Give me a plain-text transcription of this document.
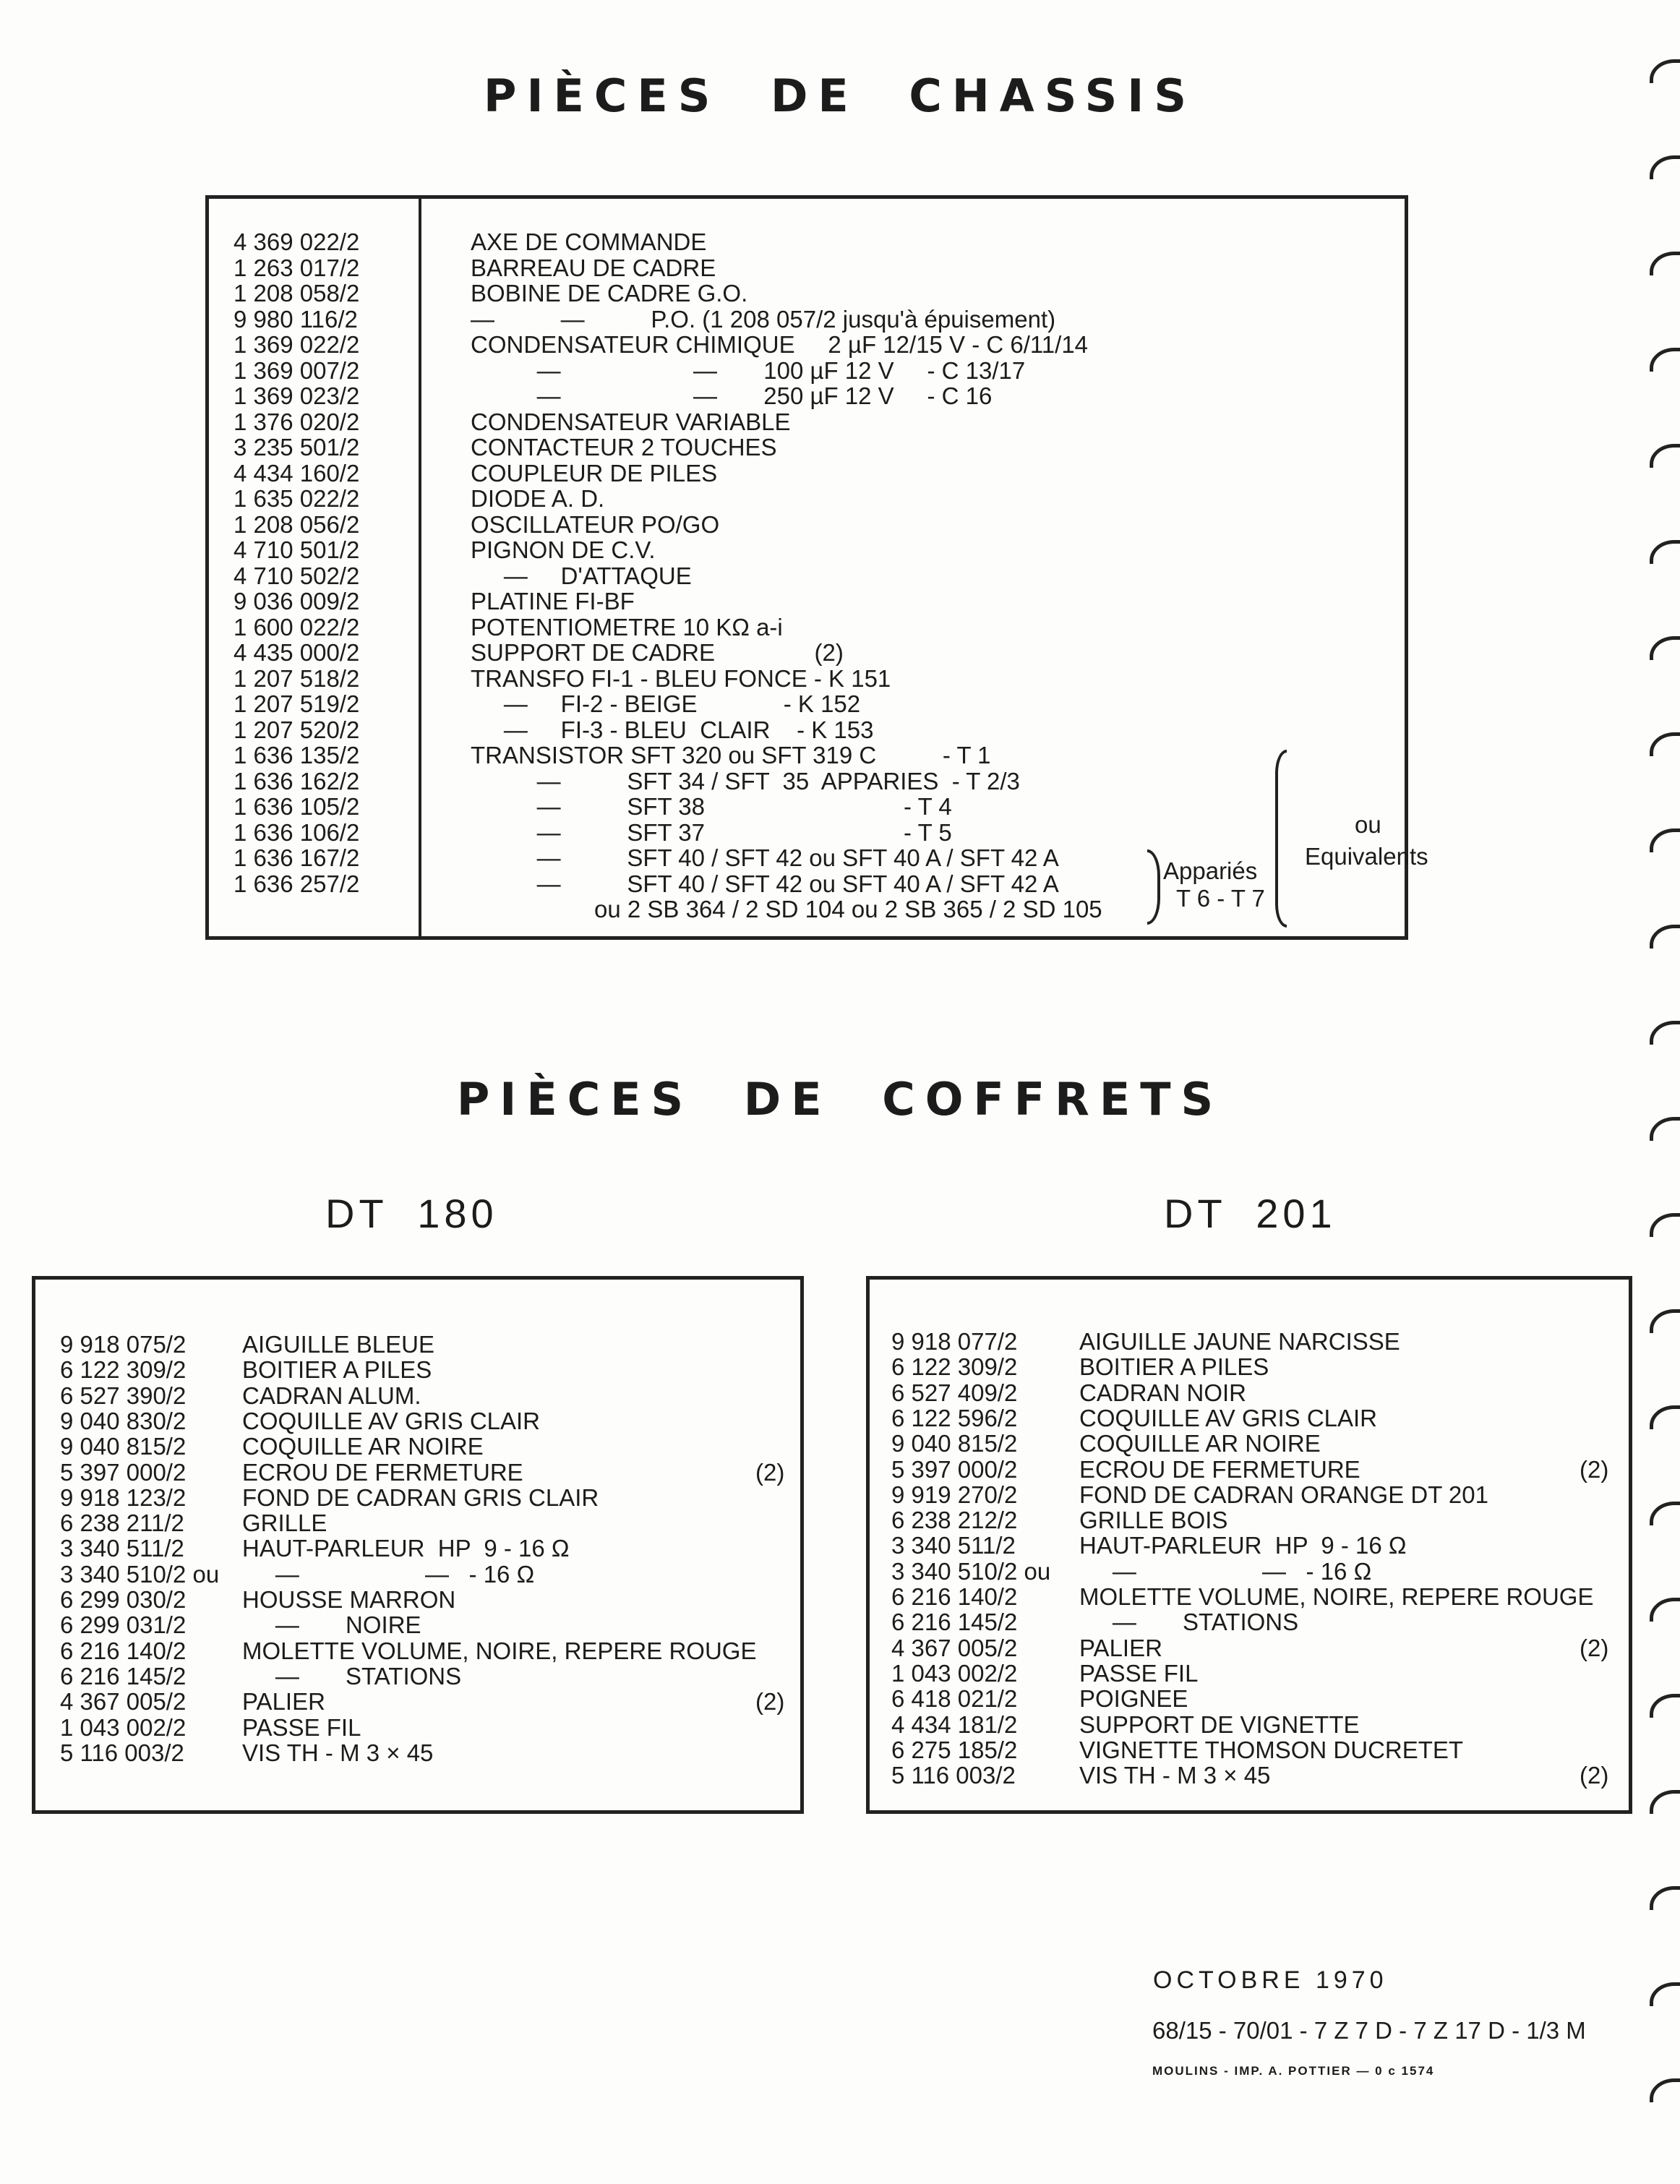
PIÈCES DE CHASSIS
4 369 022/2	AXE DE COMMANDE
1 263 017/2	BARREAU DE CADRE
1 208 058/2	BOBINE DE CADRE G.O.
9 980 116/2	—          —          P.O. (1 208 057/2 jusqu'à épuisement)
1 369 022/2	CONDENSATEUR CHIMIQUE     2 µF 12/15 V - C 6/11/14
1 369 007/2	—                    —       100 µF 12 V     - C 13/17
1 369 023/2	—                    —       250 µF 12 V     - C 16
1 376 020/2	CONDENSATEUR VARIABLE
3 235 501/2	CONTACTEUR 2 TOUCHES
4 434 160/2	COUPLEUR DE PILES
1 635 022/2	DIODE A. D.
1 208 056/2	OSCILLATEUR PO/GO
4 710 501/2	PIGNON DE C.V.
4 710 502/2	—     D'ATTAQUE
9 036 009/2	PLATINE FI-BF
1 600 022/2	POTENTIOMETRE 10 KΩ a-i
4 435 000/2	SUPPORT DE CADRE               (2)
1 207 518/2	TRANSFO FI-1 - BLEU FONCE - K 151
1 207 519/2	—     FI-2 - BEIGE             - K 152
1 207 520/2	—     FI-3 - BLEU  CLAIR    - K 153
1 636 135/2	TRANSISTOR SFT 320 ou SFT 319 C          - T 1
1 636 162/2	—          SFT 34 / SFT  35  APPARIES  - T 2/3
1 636 105/2	—          SFT 38                              - T 4
1 636 106/2	—          SFT 37                              - T 5
1 636 167/2	—          SFT 40 / SFT 42 ou SFT 40 A / SFT 42 A
1 636 257/2	—          SFT 40 / SFT 42 ou SFT 40 A / SFT 42 A
ou 2 SB 364 / 2 SD 104 ou 2 SB 365 / 2 SD 105
Appariés
T 6 - T 7
ou
Equivalents
PIÈCES DE COFFRETS
DT 180	DT 201
9 918 075/2 AIGUILLE BLEUE
6 122 309/2 BOITIER A PILES
6 527 390/2 CADRAN ALUM.
9 040 830/2 COQUILLE AV GRIS CLAIR
9 040 815/2 COQUILLE AR NOIRE
5 397 000/2 ECROU DE FERMETURE	(2)
9 918 123/2 FOND DE CADRAN GRIS CLAIR
6 238 211/2 GRILLE
3 340 511/2 HAUT-PARLEUR  HP  9 - 16 Ω
3 340 510/2 ou —                   —   - 16 Ω
6 299 030/2 HOUSSE MARRON
6 299 031/2 —       NOIRE
6 216 140/2 MOLETTE VOLUME, NOIRE, REPERE ROUGE
6 216 145/2 —       STATIONS
4 367 005/2 PALIER	(2)
1 043 002/2 PASSE FIL
5 116 003/2 VIS TH - M 3 × 45
9 918 077/2	AIGUILLE JAUNE NARCISSE
6 122 309/2	BOITIER A PILES
6 527 409/2	CADRAN NOIR
6 122 596/2	COQUILLE AV GRIS CLAIR
9 040 815/2	COQUILLE AR NOIRE
5 397 000/2	ECROU DE FERMETURE	(2)
9 919 270/2	FOND DE CADRAN ORANGE DT 201
6 238 212/2	GRILLE BOIS
3 340 511/2	HAUT-PARLEUR  HP  9 - 16 Ω
3 340 510/2 ou —                   —   - 16 Ω
6 216 140/2	MOLETTE VOLUME, NOIRE, REPERE ROUGE
6 216 145/2	—       STATIONS
4 367 005/2	PALIER	(2)
1 043 002/2	PASSE FIL
6 418 021/2	POIGNEE
4 434 181/2	SUPPORT DE VIGNETTE
6 275 185/2	VIGNETTE THOMSON DUCRETET
5 116 003/2	VIS TH - M 3 × 45	(2)
OCTOBRE 1970
68/15 - 70/01 - 7 Z 7 D - 7 Z 17 D - 1/3 M
MOULINS - IMP. A. POTTIER — 0 c 1574
